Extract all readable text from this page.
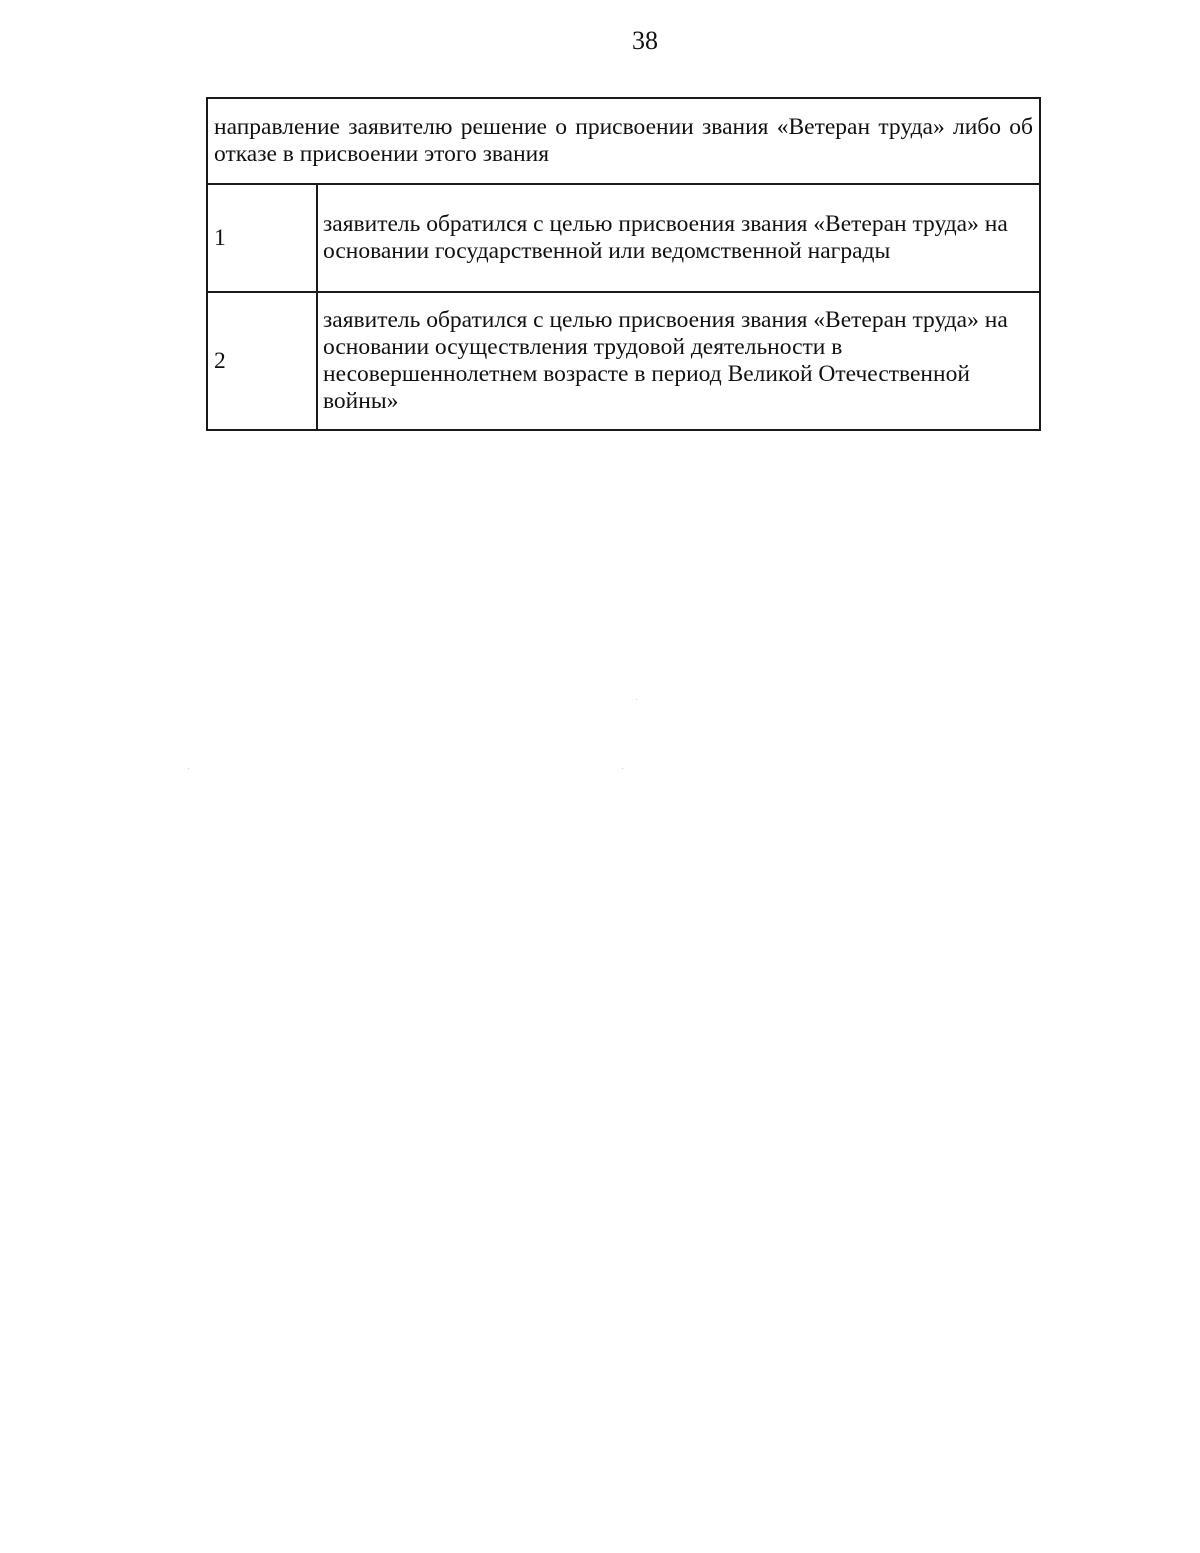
38
направление заявителю решение о присвоении звания «Ветеран труда» либо об отказе в присвоении этого звания	
1	заявитель обратился с целью присвоения звания «Ветеран труда» на основании государственной или ведомственной награды
2	заявитель обратился с целью присвоения звания «Ветеран труда» на основании осуществления трудовой деятельности в несовершеннолетнем возрасте в период Великой Отечественной войны»
